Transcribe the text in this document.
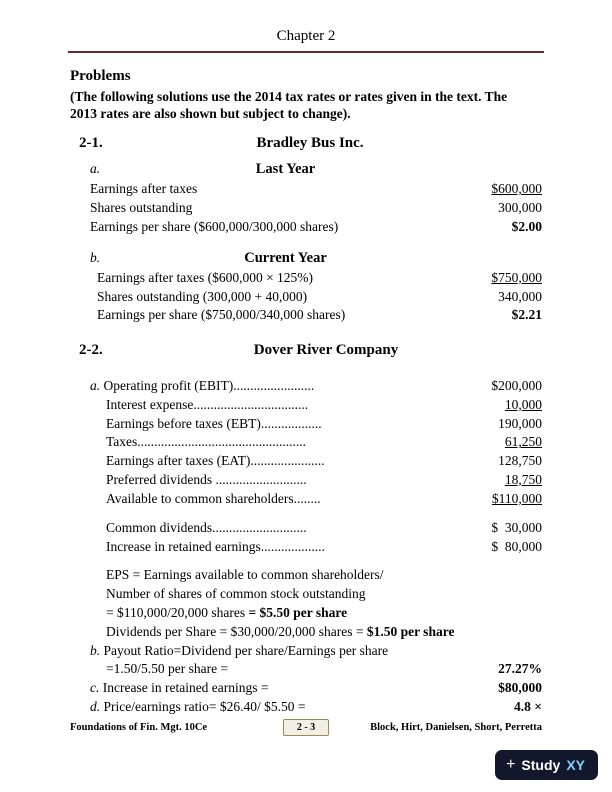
Chapter 2
Problems
(The following solutions use the 2014 tax rates or rates given in the text. The
2013 rates are also shown but subject to change).
2-1.	Bradley Bus Inc.
a.	Last Year
Earnings after taxes	$600,000
Shares outstanding	300,000
Earnings per share ($600,000/300,000 shares)	$2.00
b.	Current Year
Earnings after taxes ($600,000 × 125%)	$750,000
Shares outstanding (300,000 + 40,000)	340,000
Earnings per share ($750,000/340,000 shares)	$2.21
2-2.	Dover River Company
a. Operating profit (EBIT)........................	$200,000
Interest expense..................................	10,000
Earnings before taxes (EBT)..................	190,000
Taxes..................................................	61,250
Earnings after taxes (EAT)......................	128,750
Preferred dividends ...........................	18,750
Available to common shareholders........	$110,000
Common dividends............................	$  30,000
Increase in retained earnings...................	$  80,000
EPS = Earnings available to common shareholders/
Number of shares of common stock outstanding
= $110,000/20,000 shares = $5.50 per share
Dividends per Share = $30,000/20,000 shares = $1.50 per share
b. Payout Ratio=Dividend per share/Earnings per share
=1.50/5.50 per share =	27.27%
c. Increase in retained earnings =	$80,000
d. Price/earnings ratio= $26.40/ $5.50 =	4.8 ×
Foundations of Fin. Mgt. 10Ce	2 - 3	Block, Hirt, Danielsen, Short, Perretta
+ Study XY
